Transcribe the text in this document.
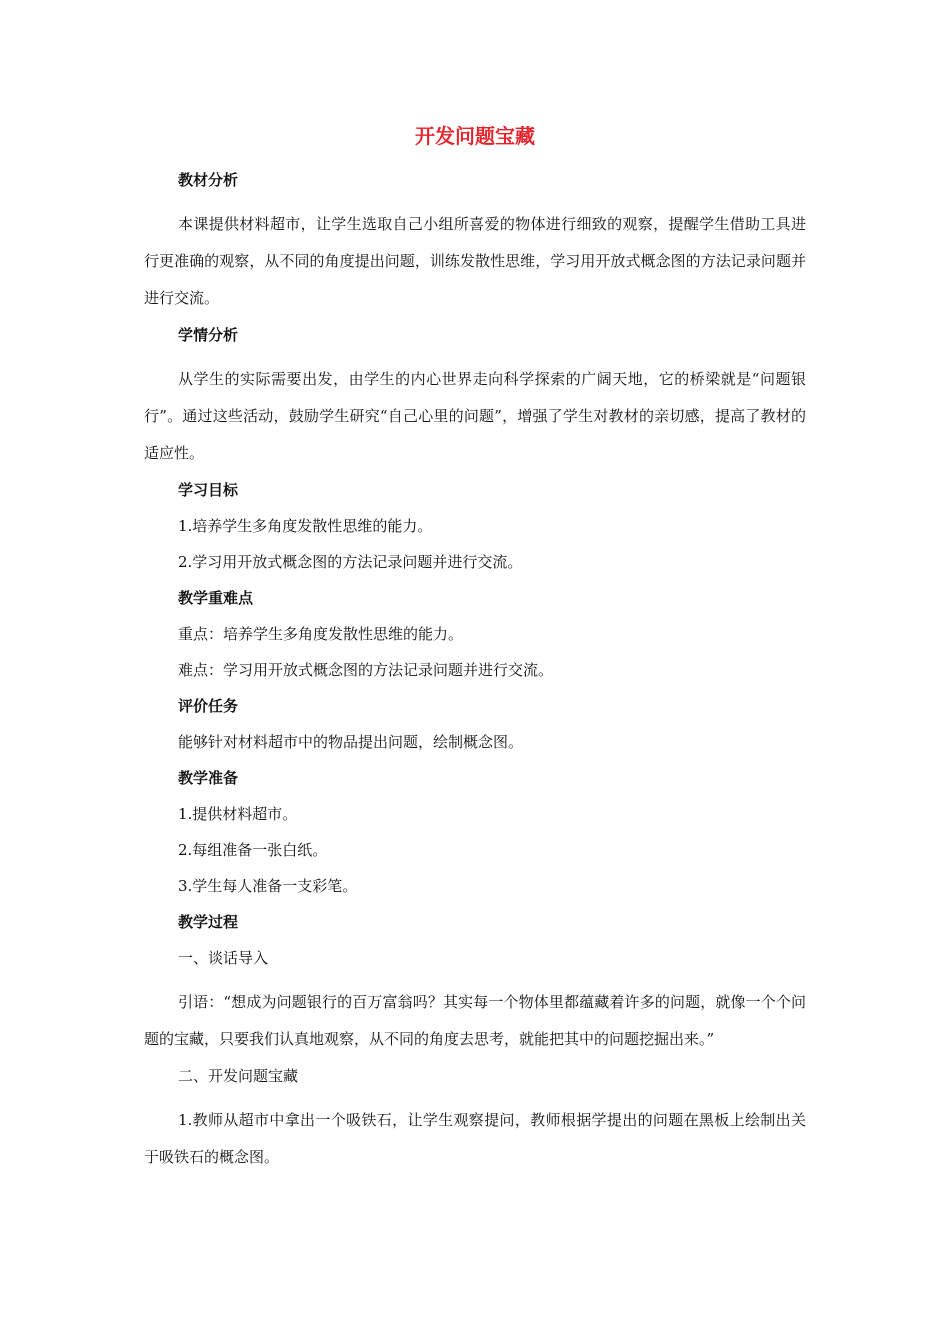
开发问题宝藏
教材分析
本课提供材料超市，让学生选取自己小组所喜爱的物体进行细致的观察，提醒学生借助工具进行更准确的观察，从不同的角度提出问题，训练发散性思维，学习用开放式概念图的方法记录问题并进行交流。
学情分析
从学生的实际需要出发，由学生的内心世界走向科学探索的广阔天地，它的桥梁就是“问题银行”。通过这些活动，鼓励学生研究“自己心里的问题”，增强了学生对教材的亲切感，提高了教材的适应性。
学习目标
1.培养学生多角度发散性思维的能力。
2.学习用开放式概念图的方法记录问题并进行交流。
教学重难点
重点：培养学生多角度发散性思维的能力。
难点：学习用开放式概念图的方法记录问题并进行交流。
评价任务
能够针对材料超市中的物品提出问题，绘制概念图。
教学准备
1.提供材料超市。
2.每组准备一张白纸。
3.学生每人准备一支彩笔。
教学过程
一、谈话导入
引语：“想成为问题银行的百万富翁吗？其实每一个物体里都蕴藏着许多的问题，就像一个个问题的宝藏，只要我们认真地观察，从不同的角度去思考，就能把其中的问题挖掘出来。”
二、开发问题宝藏
1.教师从超市中拿出一个吸铁石，让学生观察提问，教师根据学提出的问题在黑板上绘制出关于吸铁石的概念图。
